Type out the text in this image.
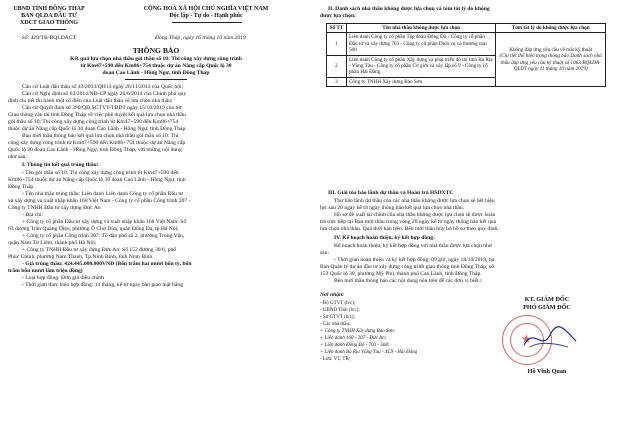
UBND TỈNH ĐỒNG THÁP
BAN QLDA ĐẦU TƯ
XDCT GIAO THÔNG
CỘNG HOÀ XÃ HỘI CHỦ NGHĨA VIỆT NAM
Độc lập - Tự do - Hạnh phúc
Số: 429/TB-BQLDAGT	Đồng Tháp, ngày 16 tháng 10 năm 2019
THÔNG BÁO
Kết quả lựa chọn nhà thầu gói thầu số 10: Thi công xây dựng công trình
từ Km47+590 đến Km86+754 thuộc dự án Nâng cấp Quốc lộ 30
đoạn Cao Lãnh - Hồng Ngự, tỉnh Đồng Tháp
Căn cứ Luật đấu thầu số 43/2013/QH13 ngày 26/11/2013 của Quốc hội;
Căn cứ Nghị định số 63/2014/NĐ-CP ngày 26/6/2014 của Chính phủ quy
định chi tiết thi hành một số điều của Luật đấu thầu về lựa chọn nhà thầu;
Căn cứ Quyết định số 390/QĐ.SGTVT-TĐDT ngày 15/10/2019 của Sở
Giao thông vận tải tỉnh Đồng Tháp về việc phê duyệt kết quả lựa chọn nhà thầu
gói thầu số 10: Thi công xây dựng công trình từ Km47+590 đến Km86+754
thuộc dự án Nâng cấp Quốc lộ 30 đoạn Cao Lãnh - Hồng Ngự, tỉnh Đồng Tháp.
Ban mời thầu thông báo kết quả lựa chọn nhà thầu gói thầu số 10: Thi
công xây dựng công trình từ Km47+590 đến Km86+754 thuộc dự án Nâng cấp
Quốc lộ 30 đoạn Cao Lãnh - Hồng Ngự, tỉnh Đồng Tháp, với những nội dung
như sau:
I. Thông tin kết quả trúng thầu:
- Tên gói thầu số 10: Thi công xây dựng công trình từ Km47+590 đến
Km86+754 thuộc dự án Nâng cấp Quốc lộ 30 đoạn Cao Lãnh - Hồng Ngự, tỉnh
Đồng Tháp.
- Tên nhà thầu trúng thầu: Liên danh Liên danh Công ty cổ phần Đầu tư
và xây dựng và xuất nhập khẩu 168 Việt Nam - Công ty cổ phần Công trình 207 -
Công ty TNHH Đầu tư xây dựng Đức An
- Địa chỉ:
+ Công ty cổ phần Đầu tư xây dựng và xuất nhập khẩu 168 Việt Nam: Số
63 đường Trần Quang Diệu, phường Ô Chợ Dừa, quận Đống Đa, tp Hà Nội;
+ Công ty cổ phần Công trình 207: Tổ dân phố số 3, phường Trung Văn,
quận Nam Từ Liêm, thành phố Hà Nội;
+ Công ty TNHH Đầu tư xây dựng Đức An: Số 152 đường 30/6, phố
Phúc Chỉnh, phường Nam Thành, Tp.Ninh Bình, tỉnh Ninh Bình
- Giá trúng thầu: 424.445.000.000VNĐ (Bốn trăm hai mươi bốn tỷ, bốn
trăm bốn mươi lăm triệu đồng)
- Loại hợp đồng: Đơn giá điều chỉnh
- Thời gian thực hiện hợp đồng: 14 tháng, kể từ ngày bàn giao mặt bằng
II. Danh sách nhà thầu không được lựa chọn và tóm tắt lý do không
được lựa chọn:
Số TT	Tên nhà thầu không được lựa chọn	Tóm tắt lý do không được lựa chọn
1	Liên danh Công ty cổ phần Tập đoàn Đông Đô - Công ty cổ phần Đầu tư và xây dựng 703 - Công ty cổ phần Dịch vụ và thương mại 568	Không đáp ứng yêu cầu về mặt kỹ thuật
(Chi tiết thể hiện trong thông báo Danh sách nhà thầu đáp ứng yêu cầu kỹ thuật số 1063/BQLDA-QLDT ngày 11 tháng 10 năm 2019)
2	Liên danh Công ty cổ phần Xây dựng và phát triển đô thị tỉnh Bà Rịa - Vũng Tàu - Công ty cổ phần Cơ giới và xây lắp số 9 - Công ty cổ phần Hải Đăng	
3	Công ty TNHH Xây dựng Bảo Sơn	
III. Giải tỏa bảo lãnh dự thầu và Hoàn trả HSDXTC
Thư bảo lãnh dự thầu của các nhà thầu không được lựa chọn sẽ hết hiệu
lực sau 20 ngày kể từ ngày thông báo kết quả lựa chọn nhà thầu.
Hồ sơ đề xuất tài chính của nhà thầu không được lựa chọn sẽ được hoàn
trả trực tiếp tại Ban mời thầu trong vòng 20 ngày kể từ ngày thông báo kết quả
lựa chọn nhà thầu. Quá thời hạn trên, Bên mời thầu hủy bỏ hồ sơ theo quy định.
IV. Kế hoạch hoàn thiện, ký kết hợp đồng:
Kế hoạch hoàn thiện, ký kết hợp đồng với nhà thầu được lựa chọn như
sau:
- Thời gian hoàn thiện và ký kết hợp đồng: 09 giờ, ngày 18/10/2019, tại
Ban Quản lý dự án đầu tư xây dựng công trình giao thông tỉnh Đồng Tháp, số
153 Quốc lộ 30, phường Mỹ Phú, thành phố Cao Lãnh, tỉnh Đồng Tháp.
Bên mời thầu thông báo các nội dung nêu trên để các đơn vị biết./.
Nơi nhận:
- Bộ GTVT (b/c);
- UBND Tỉnh (b/c);
- Sở GTVT (b/c);
- Các nhà thầu:
+ Công ty TNHH Xây dựng Bảo Sơn;
+ Liên danh 168 - 207 - Đức An;
+ Liên danh Đông Đô - 703 - 568;
+ Liên danh Bà Rịa Vũng Tàu - XL9 - Hải Đăng
- Lưu: VT, TR;
KT. GIÁM ĐỐC
PHÓ GIÁM ĐỐC
★
Hồ Vĩnh Quan
